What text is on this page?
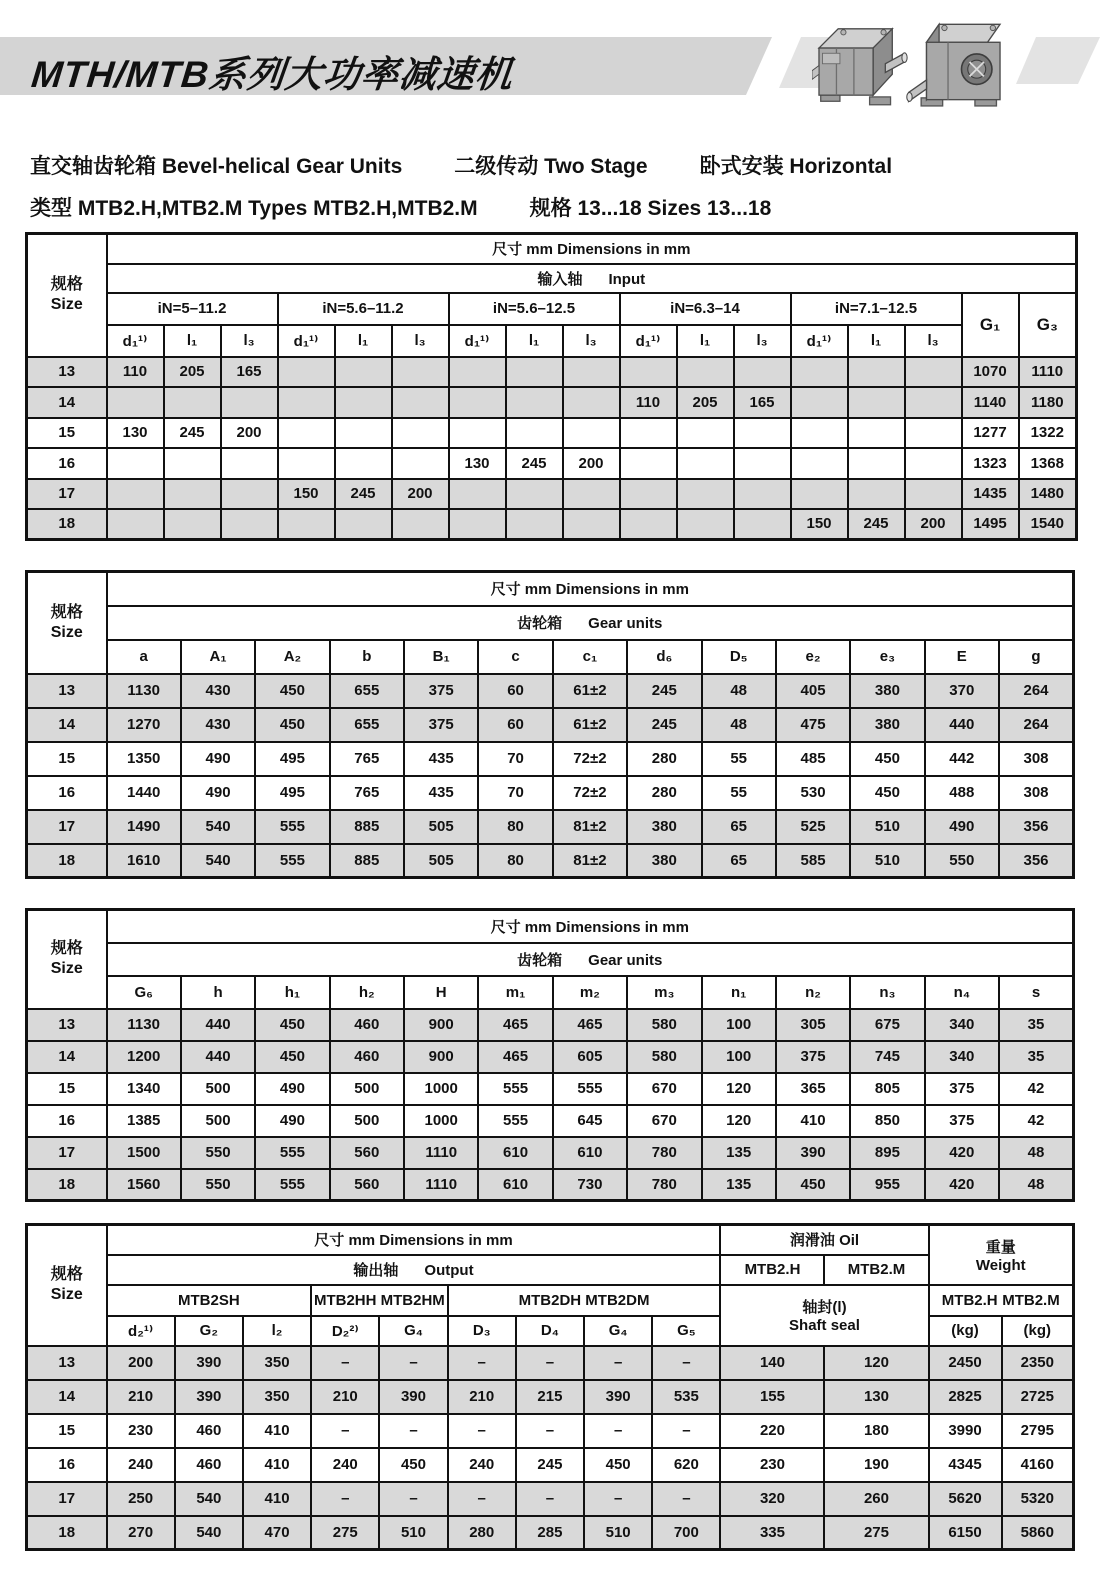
MTH/MTB系列大功率减速机
直交轴齿轮箱 Bevel-helical Gear Units 二级传动 Two Stage 卧式安装 Horizontal
类型 MTB2.H,MTB2.M Types MTB2.H,MTB2.M 规格 13...18 Sizes 13...18
规格
Size	尺寸 mm Dimensions in mm																
	输入轴 Input																
	iN=5–11.2			iN=5.6–11.2			iN=5.6–12.5			iN=6.3–14			iN=7.1–12.5			G₁	G₃
	d₁¹⁾	l₁	l₃	d₁¹⁾	l₁	l₃	d₁¹⁾	l₁	l₃	d₁¹⁾	l₁	l₃	d₁¹⁾	l₁	l₃		
13	110	205	165													1070	1110
14										110	205	165				1140	1180
15	130	245	200													1277	1322
16							130	245	200							1323	1368
17				150	245	200										1435	1480
18													150	245	200	1495	1540
规格
Size	尺寸 mm Dimensions in mm												
	齿轮箱 Gear units												
	a	A₁	A₂	b	B₁	c	c₁	d₆	D₅	e₂	e₃	E	g
13	1130	430	450	655	375	60	61±2	245	48	405	380	370	264
14	1270	430	450	655	375	60	61±2	245	48	475	380	440	264
15	1350	490	495	765	435	70	72±2	280	55	485	450	442	308
16	1440	490	495	765	435	70	72±2	280	55	530	450	488	308
17	1490	540	555	885	505	80	81±2	380	65	525	510	490	356
18	1610	540	555	885	505	80	81±2	380	65	585	510	550	356
规格
Size	尺寸 mm Dimensions in mm												
	齿轮箱 Gear units												
	G₆	h	h₁	h₂	H	m₁	m₂	m₃	n₁	n₂	n₃	n₄	s
13	1130	440	450	460	900	465	465	580	100	305	675	340	35
14	1200	440	450	460	900	465	605	580	100	375	745	340	35
15	1340	500	490	500	1000	555	555	670	120	365	805	375	42
16	1385	500	490	500	1000	555	645	670	120	410	850	375	42
17	1500	550	555	560	1110	610	610	780	135	390	895	420	48
18	1560	550	555	560	1110	610	730	780	135	450	955	420	48
规格
Size
	尺寸 mm Dimensions in mm	润滑油 Oil	重量
Weight

	输出轴 Output									MTB2.H	MTB2.M		
MTB2SH	MTB2HH MTB2HM	MTB2DH MTB2DM	轴封(l)
Shaft seal

MTB2.H MTB2.M

	d₂¹⁾	G₂	l₂	D₂²⁾	G₄	D₃	D₄	G₄	G₅			(kg)	(kg)
13	200	390	350	–	–	–	–	–	–	140	120	2450	2350
14	210	390	350	210	390	210	215	390	535	155	130	2825	2725
15	230	460	410	–	–	–	–	–	–	220	180	3990	2795
16	240	460	410	240	450	240	245	450	620	230	190	4345	4160
17	250	540	410	–	–	–	–	–	–	320	260	5620	5320
18	270	540	470	275	510	280	285	510	700	335	275	6150	5860
